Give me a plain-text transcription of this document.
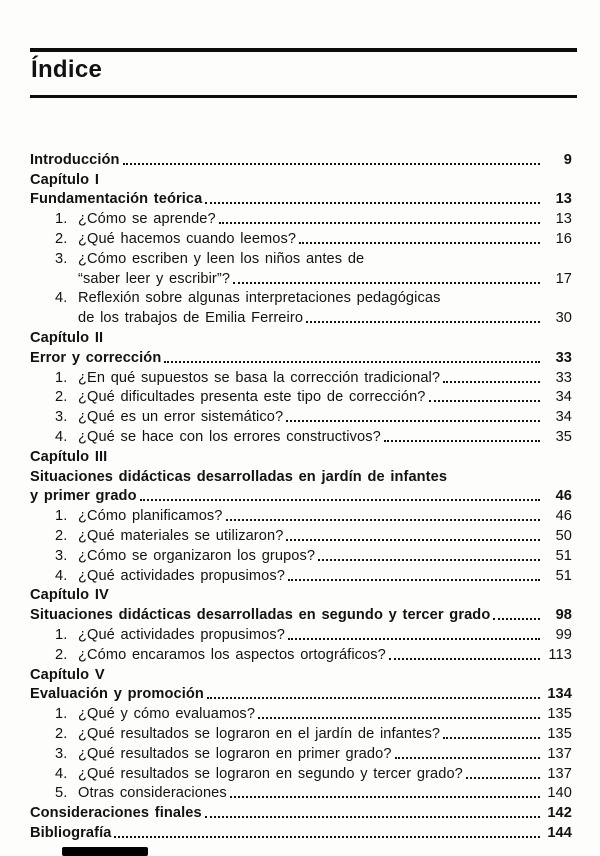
Índice
Introducción	9
Capítulo I
Fundamentación teórica	13
1. ¿Cómo se aprende?	13
2. ¿Qué hacemos cuando leemos?	16
3. ¿Cómo escriben y leen los niños antes de
“saber leer y escribir”?	17
4. Reflexión sobre algunas interpretaciones pedagógicas
de los trabajos de Emilia Ferreiro	30
Capítulo II
Error y corrección	33
1. ¿En qué supuestos se basa la corrección tradicional?	33
2. ¿Qué dificultades presenta este tipo de corrección?	34
3. ¿Qué es un error sistemático?	34
4. ¿Qué se hace con los errores constructivos?	35
Capítulo III
Situaciones didácticas desarrolladas en jardín de infantes
y primer grado	46
1. ¿Cómo planificamos?	46
2. ¿Qué materiales se utilizaron?	50
3. ¿Cómo se organizaron los grupos?	51
4. ¿Qué actividades propusimos?	51
Capítulo IV
Situaciones didácticas desarrolladas en segundo y tercer grado	98
1. ¿Qué actividades propusimos?	99
2. ¿Cómo encaramos los aspectos ortográficos?	113
Capítulo V
Evaluación y promoción	134
1. ¿Qué y cómo evaluamos?	135
2. ¿Qué resultados se lograron en el jardín de infantes?	135
3. ¿Qué resultados se lograron en primer grado?	137
4. ¿Qué resultados se lograron en segundo y tercer grado?	137
5. Otras consideraciones	140
Consideraciones finales	142
Bibliografía	144
